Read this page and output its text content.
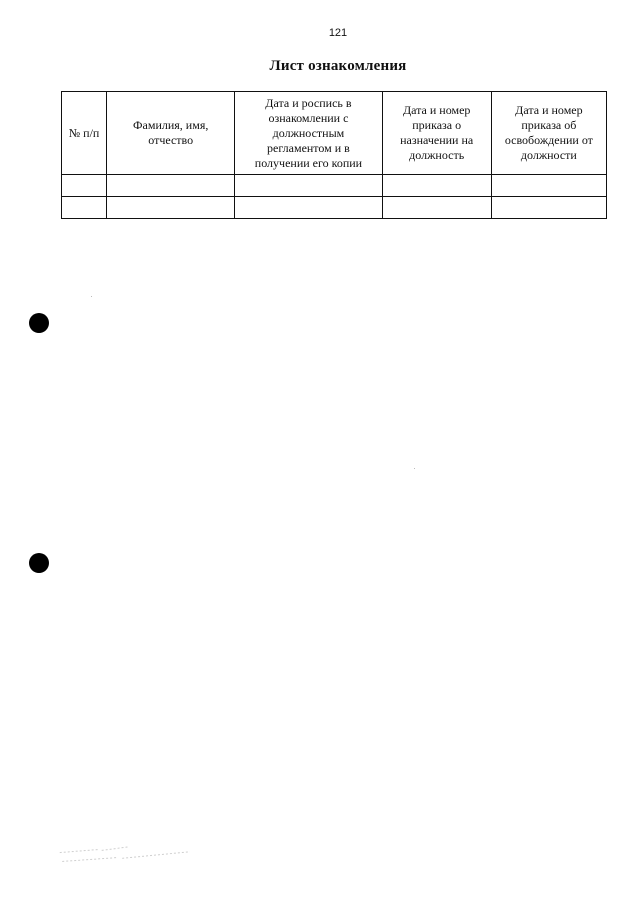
121
Лист ознакомления
№ п/п	Фамилия, имя, отчество	Дата и роспись в ознакомлении с должностным регламентом и в получении его копии	Дата и номер приказа о назначении на должность	Дата и номер приказа об освобождении от должности
